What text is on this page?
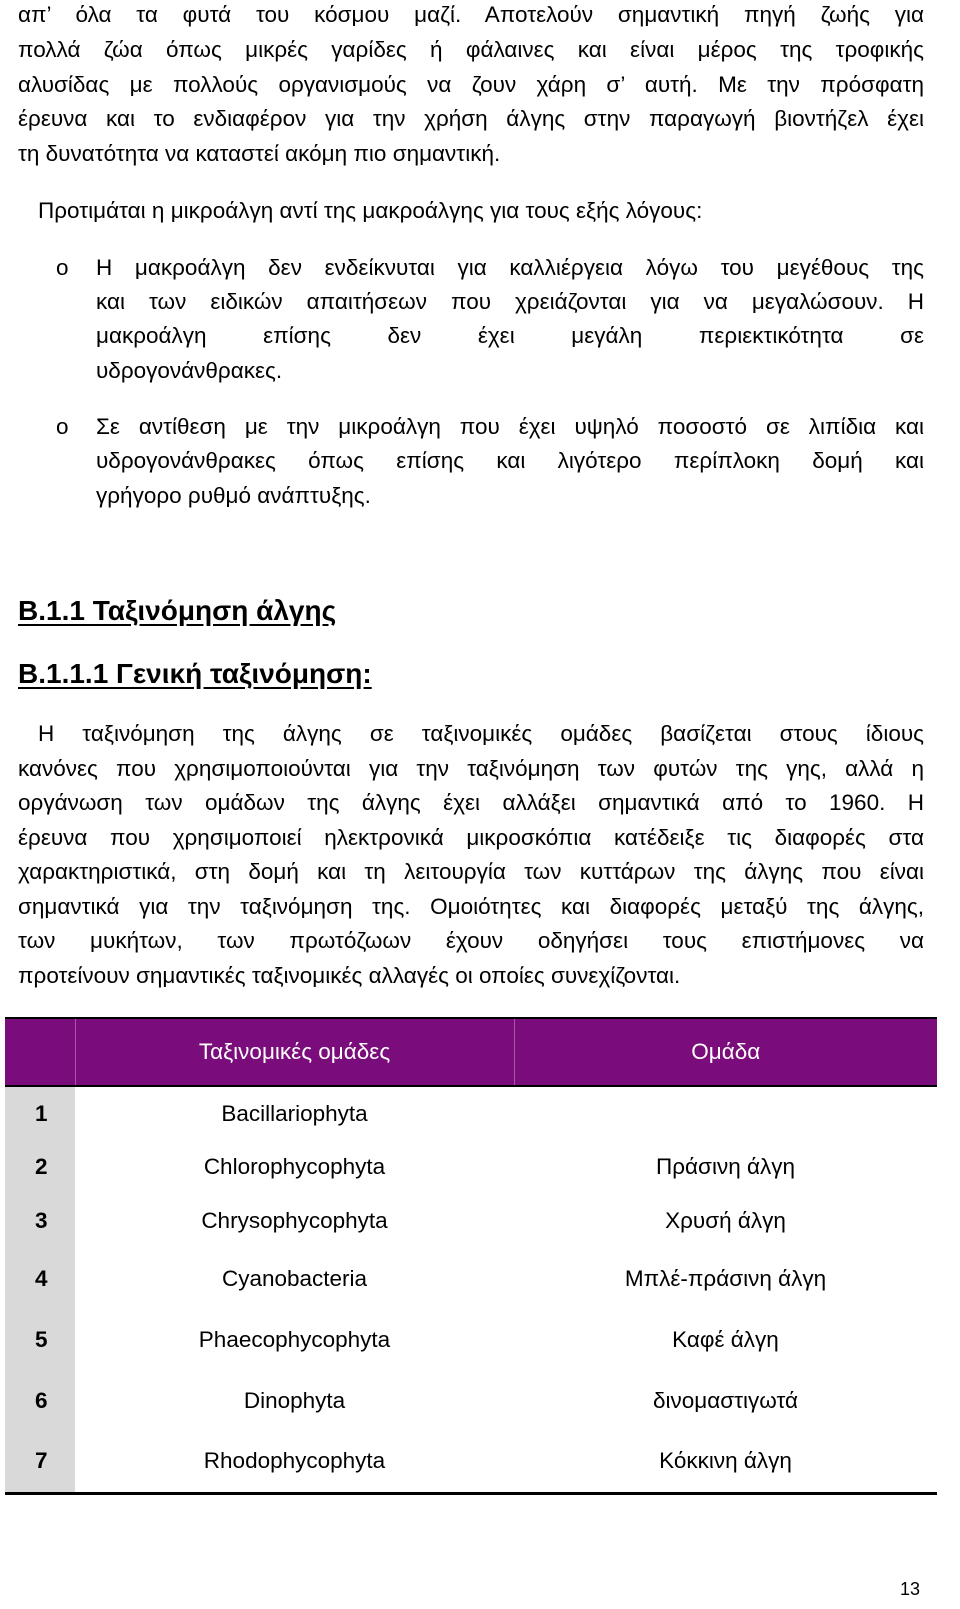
απ’ όλα τα φυτά του κόσμου μαζί. Αποτελούν σημαντική πηγή ζωής για
πολλά ζώα όπως μικρές γαρίδες ή φάλαινες και είναι μέρος της τροφικής
αλυσίδας με πολλούς οργανισμούς να ζουν χάρη σ’ αυτή. Με την πρόσφατη
έρευνα και το ενδιαφέρον για την χρήση άλγης στην παραγωγή βιοντήζελ έχει
τη δυνατότητα να καταστεί ακόμη πιο σημαντική.
Προτιμάται η μικροάλγη αντί της μακροάλγης για τους εξής λόγους:
o Η μακροάλγη δεν ενδείκνυται για καλλιέργεια λόγω του μεγέθους της
και των ειδικών απαιτήσεων που χρειάζονται για να μεγαλώσουν. Η
μακροάλγη επίσης δεν έχει μεγάλη περιεκτικότητα σε
υδρογονάνθρακες.
o Σε αντίθεση με την μικροάλγη που έχει υψηλό ποσοστό σε λιπίδια και
υδρογονάνθρακες όπως επίσης και λιγότερο περίπλοκη δομή και
γρήγορο ρυθμό ανάπτυξης.
Β.1.1 Ταξινόμηση άλγης
Β.1.1.1 Γενική ταξινόμηση:
Η ταξινόμηση της άλγης σε ταξινομικές ομάδες βασίζεται στους ίδιους
κανόνες που χρησιμοποιούνται για την ταξινόμηση των φυτών της γης, αλλά η
οργάνωση των ομάδων της άλγης έχει αλλάξει σημαντικά από το 1960. Η
έρευνα που χρησιμοποιεί ηλεκτρονικά μικροσκόπια κατέδειξε τις διαφορές στα
χαρακτηριστικά, στη δομή και τη λειτουργία των κυττάρων της άλγης που είναι
σημαντικά για την ταξινόμηση της. Ομοιότητες και διαφορές μεταξύ της άλγης,
των μυκήτων, των πρωτόζωων έχουν οδηγήσει τους επιστήμονες να
προτείνουν σημαντικές ταξινομικές αλλαγές οι οποίες συνεχίζονται.
	Ταξινομικές ομάδες	Ομάδα
1	Bacillariophyta	
2	Chlorophycophyta	Πράσινη άλγη
3	Chrysophycophyta	Χρυσή άλγη
4	Cyanobacteria	Μπλέ-πράσινη άλγη
5	Phaecophycophyta	Καφέ άλγη
6	Dinophyta	δινομαστιγωτά
7	Rhodophycophyta	Κόκκινη άλγη
13
